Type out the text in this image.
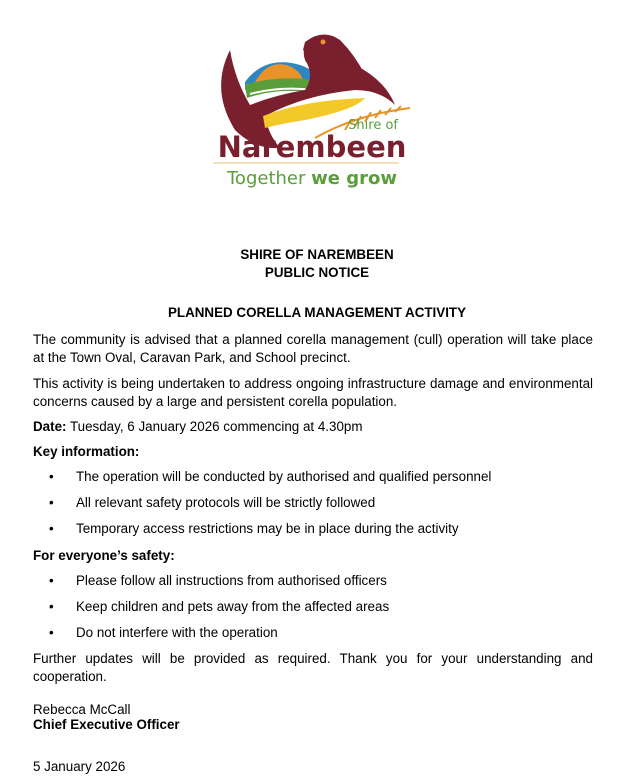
Shire of
Narembeen
Together we grow
SHIRE OF NAREMBEEN
PUBLIC NOTICE
PLANNED CORELLA MANAGEMENT ACTIVITY

The community is advised that a planned corella management (cull) operation will take place at the Town Oval, Caravan Park, and School precinct.

This activity is being undertaken to address ongoing infrastructure damage and environmental concerns caused by a large and persistent corella population.

Date: Tuesday, 6 January 2026 commencing at 4.30pm

Key information:

• The operation will be conducted by authorised and qualified personnel
• All relevant safety protocols will be strictly followed
• Temporary access restrictions may be in place during the activity

For everyone’s safety:

• Please follow all instructions from authorised officers
• Keep children and pets away from the affected areas
• Do not interfere with the operation

Further updates will be provided as required. Thank you for your understanding and cooperation.

Rebecca McCall

Chief Executive Officer

5 January 2026
